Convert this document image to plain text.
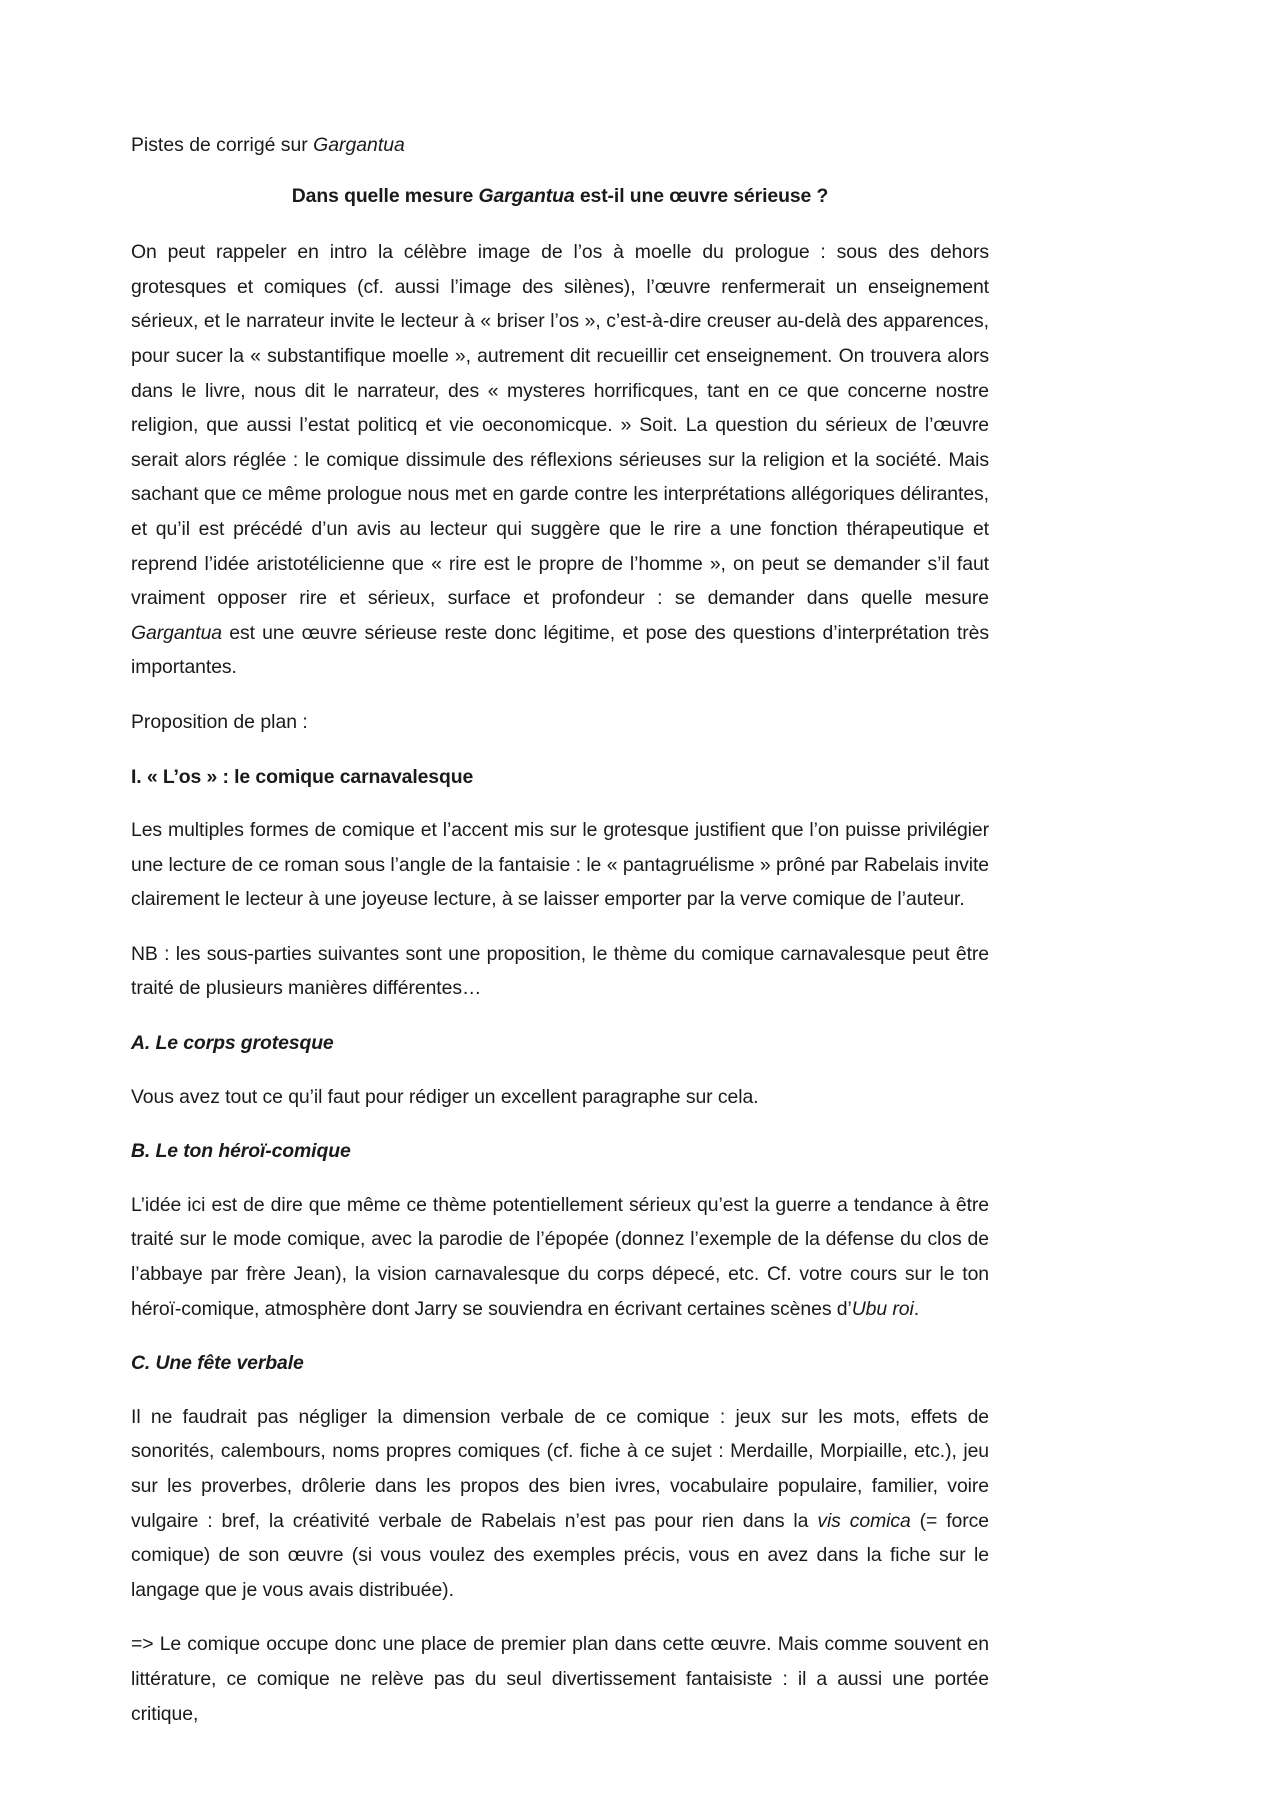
Pistes de corrigé sur Gargantua

Dans quelle mesure Gargantua est-il une œuvre sérieuse ?

On peut rappeler en intro la célèbre image de l’os à moelle du prologue : sous des dehors grotesques et comiques (cf. aussi l’image des silènes), l’œuvre renfermerait un enseignement sérieux, et le narrateur invite le lecteur à « briser l’os », c’est-à-dire creuser au-delà des apparences, pour sucer la « substantifique moelle », autrement dit recueillir cet enseignement. On trouvera alors dans le livre, nous dit le narrateur, des « mysteres horrificques, tant en ce que concerne nostre religion, que aussi l’estat politicq et vie oeconomicque. » Soit. La question du sérieux de l’œuvre serait alors réglée : le comique dissimule des réflexions sérieuses sur la religion et la société. Mais sachant que ce même prologue nous met en garde contre les interprétations allégoriques délirantes, et qu’il est précédé d’un avis au lecteur qui suggère que le rire a une fonction thérapeutique et reprend l’idée aristotélicienne que « rire est le propre de l’homme », on peut se demander s’il faut vraiment opposer rire et sérieux, surface et profondeur : se demander dans quelle mesure Gargantua est une œuvre sérieuse reste donc légitime, et pose des questions d’interprétation très importantes.

Proposition de plan :

I. « L’os » : le comique carnavalesque

Les multiples formes de comique et l’accent mis sur le grotesque justifient que l’on puisse privilégier une lecture de ce roman sous l’angle de la fantaisie : le « pantagruélisme » prôné par Rabelais invite clairement le lecteur à une joyeuse lecture, à se laisser emporter par la verve comique de l’auteur.

NB : les sous-parties suivantes sont une proposition, le thème du comique carnavalesque peut être traité de plusieurs manières différentes…

A. Le corps grotesque

Vous avez tout ce qu’il faut pour rédiger un excellent paragraphe sur cela.

B. Le ton héroï-comique

L’idée ici est de dire que même ce thème potentiellement sérieux qu’est la guerre a tendance à être traité sur le mode comique, avec la parodie de l’épopée (donnez l’exemple de la défense du clos de l’abbaye par frère Jean), la vision carnavalesque du corps dépecé, etc. Cf. votre cours sur le ton héroï-comique, atmosphère dont Jarry se souviendra en écrivant certaines scènes d’Ubu roi.

C. Une fête verbale

Il ne faudrait pas négliger la dimension verbale de ce comique : jeux sur les mots, effets de sonorités, calembours, noms propres comiques (cf. fiche à ce sujet : Merdaille, Morpiaille, etc.), jeu sur les proverbes, drôlerie dans les propos des bien ivres, vocabulaire populaire, familier, voire vulgaire : bref, la créativité verbale de Rabelais n’est pas pour rien dans la vis comica (= force comique) de son œuvre (si vous voulez des exemples précis, vous en avez dans la fiche sur le langage que je vous avais distribuée).

=> Le comique occupe donc une place de premier plan dans cette œuvre. Mais comme souvent en littérature, ce comique ne relève pas du seul divertissement fantaisiste : il a aussi une portée critique,
